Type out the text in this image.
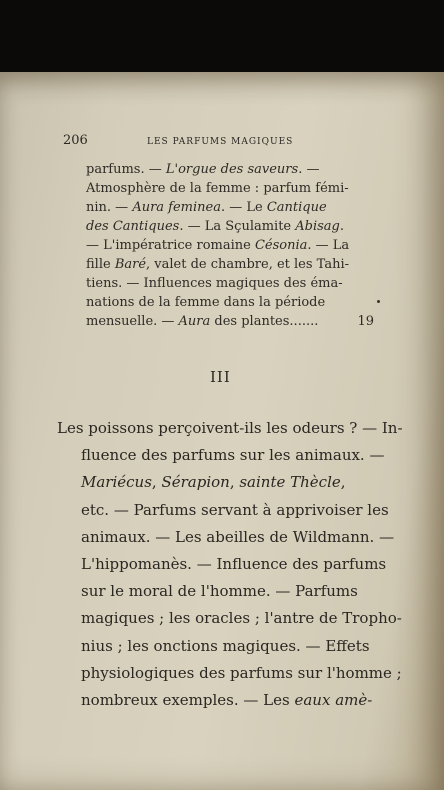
206	LES PARFUMS MAGIQUES
parfums. — L'orgue des saveurs. —
Atmosphère de la femme : parfum fémi-
nin. — Aura feminea. — Le Cantique
des Cantiques. — La Sçulamite Abisag.
— L'impératrice romaine Césonia. — La
fille Baré, valet de chambre, et les Tahi-
tiens. — Influences magiques des éma-
nations de la femme dans la période
mensuelle. — Aura des plantes.......	19
III
Les poissons perçoivent-ils les odeurs ? — In-
fluence des parfums sur les animaux. —
Mariécus, Sérapion, sainte Thècle,
etc. — Parfums servant à apprivoiser les
animaux. — Les abeilles de Wildmann. —
L'hippomanès. — Influence des parfums
sur le moral de l'homme. — Parfums
magiques ; les oracles ; l'antre de Tropho-
nius ; les onctions magiques. — Effets
physiologiques des parfums sur l'homme ;
nombreux exemples. — Les eaux amè-
